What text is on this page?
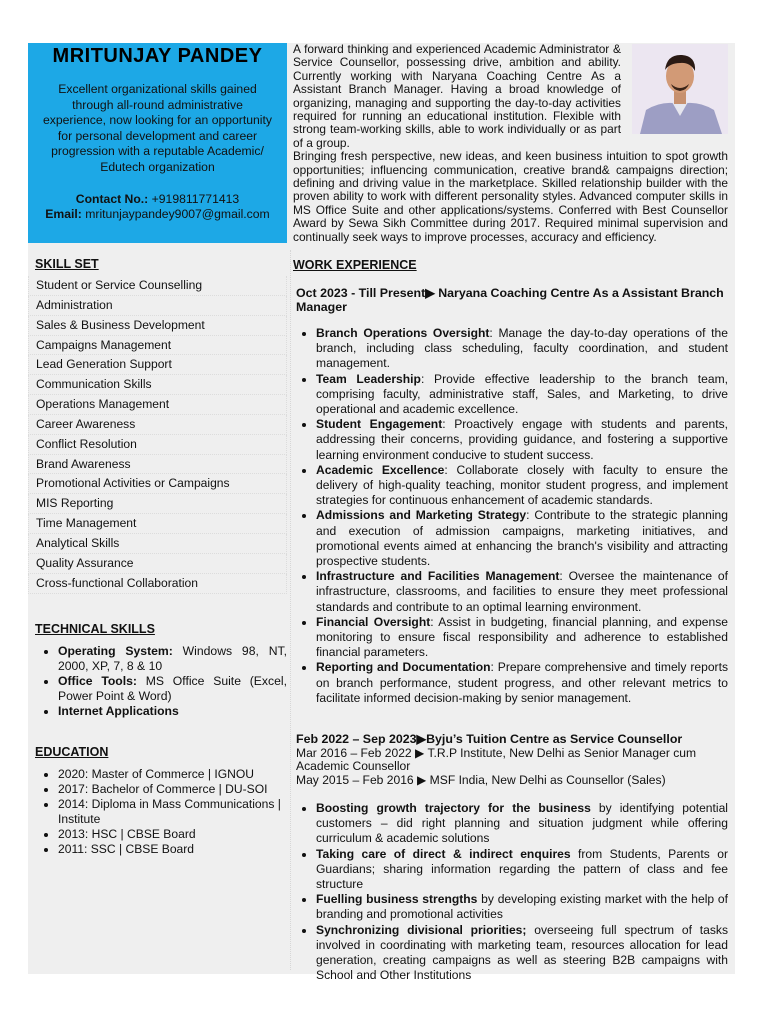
MRITUNJAY PANDEY
Excellent organizational skills gained through all-round administrative experience, now looking for an opportunity for personal development and career progression with a reputable Academic/ Edutech organization
Contact No.: +919811771413
Email: mritunjaypandey9007@gmail.com
A forward thinking and experienced Academic Administrator & Service Counsellor, possessing drive, ambition and ability. Currently working with Naryana Coaching Centre As a Assistant Branch Manager. Having a broad knowledge of organizing, managing and supporting the day-to-day activities required for running an educational institution. Flexible with strong team-working skills, able to work individually or as part of a group.
Bringing fresh perspective, new ideas, and keen business intuition to spot growth opportunities; influencing communication, creative brand& campaigns direction; defining and driving value in the marketplace. Skilled relationship builder with the proven ability to work with different personality styles. Advanced computer skills in MS Office Suite and other applications/systems. Conferred with Best Counsellor Award by Sewa Sikh Committee during 2017. Required minimal supervision and continually seek ways to improve processes, accuracy and efficiency.
SKILL SET
Student or Service Counselling
Administration
Sales & Business Development
Campaigns Management
Lead Generation Support
Communication Skills
Operations Management
Career Awareness
Conflict Resolution
Brand Awareness
Promotional Activities or Campaigns
MIS Reporting
Time Management
Analytical Skills
Quality Assurance
Cross-functional Collaboration
TECHNICAL SKILLS
• Operating System: Windows 98, NT, 2000, XP, 7, 8 & 10
• Office Tools: MS Office Suite (Excel, Power Point & Word)
• Internet Applications
EDUCATION
• 2020: Master of Commerce | IGNOU
• 2017: Bachelor of Commerce | DU-SOI
• 2014: Diploma in Mass Communications | Institute
• 2013: HSC | CBSE Board
• 2011: SSC | CBSE Board
WORK EXPERIENCE
Oct 2023 - Till Present▶ Naryana Coaching Centre As a Assistant Branch Manager
• Branch Operations Oversight: Manage the day-to-day operations of the branch, including class scheduling, faculty coordination, and student management.
• Team Leadership: Provide effective leadership to the branch team, comprising faculty, administrative staff, Sales, and Marketing, to drive operational and academic excellence.
• Student Engagement: Proactively engage with students and parents, addressing their concerns, providing guidance, and fostering a supportive learning environment conducive to student success.
• Academic Excellence: Collaborate closely with faculty to ensure the delivery of high-quality teaching, monitor student progress, and implement strategies for continuous enhancement of academic standards.
• Admissions and Marketing Strategy: Contribute to the strategic planning and execution of admission campaigns, marketing initiatives, and promotional events aimed at enhancing the branch's visibility and attracting prospective students.
• Infrastructure and Facilities Management: Oversee the maintenance of infrastructure, classrooms, and facilities to ensure they meet professional standards and contribute to an optimal learning environment.
• Financial Oversight: Assist in budgeting, financial planning, and expense monitoring to ensure fiscal responsibility and adherence to established financial parameters.
• Reporting and Documentation: Prepare comprehensive and timely reports on branch performance, student progress, and other relevant metrics to facilitate informed decision-making by senior management.
Feb 2022 – Sep 2023▶Byju’s Tuition Centre as Service Counsellor
Mar 2016 – Feb 2022 ▶ T.R.P Institute, New Delhi as Senior Manager cum Academic Counsellor
May 2015 – Feb 2016 ▶ MSF India, New Delhi as Counsellor (Sales)
• Boosting growth trajectory for the business by identifying potential customers – did right planning and situation judgment while offering curriculum & academic solutions
• Taking care of direct & indirect enquires from Students, Parents or Guardians; sharing information regarding the pattern of class and fee structure
• Fuelling business strengths by developing existing market with the help of branding and promotional activities
• Synchronizing divisional priorities; overseeing full spectrum of tasks involved in coordinating with marketing team, resources allocation for lead generation, creating campaigns as well as steering B2B campaigns with School and Other Institutions
